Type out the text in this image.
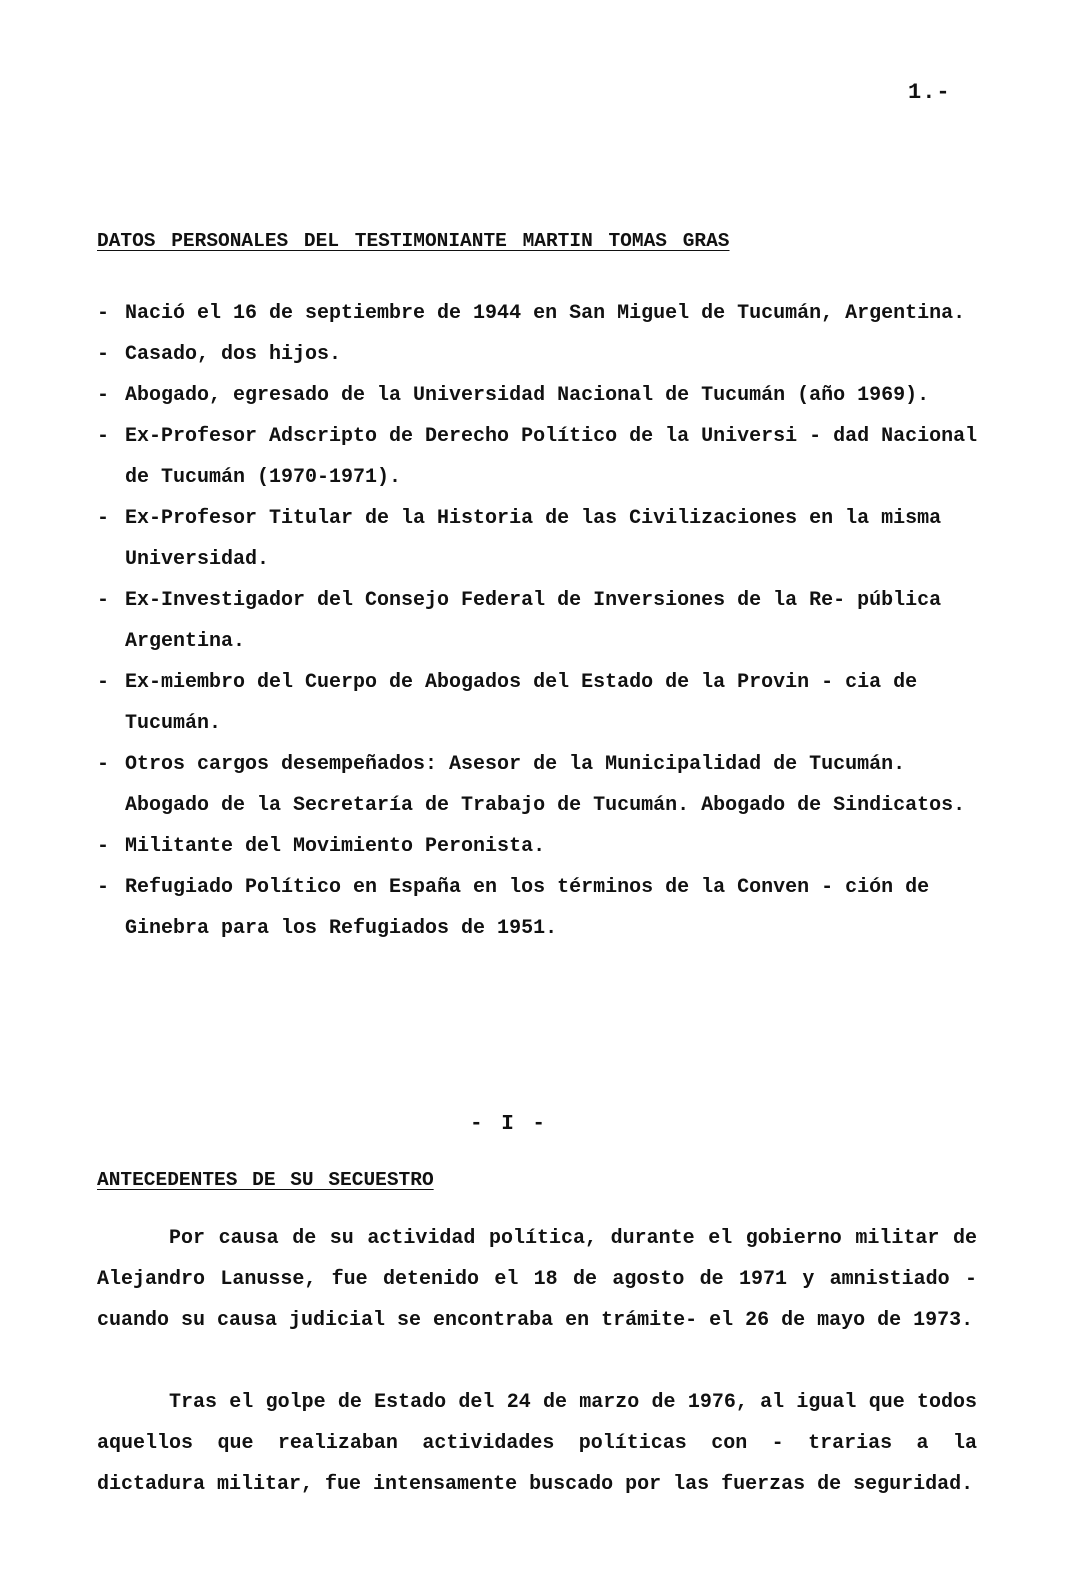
1.-
DATOS PERSONALES DEL TESTIMONIANTE MARTIN TOMAS GRAS
- Nació el 16 de septiembre de 1944 en San Miguel de Tucumán, Argentina.
- Casado, dos hijos.
- Abogado, egresado de la Universidad Nacional de Tucumán (año 1969).
- Ex-Profesor Adscripto de Derecho Político de la Universi - dad Nacional de Tucumán (1970-1971).
- Ex-Profesor Titular de la Historia de las Civilizaciones en la misma Universidad.
- Ex-Investigador del Consejo Federal de Inversiones de la Re- pública Argentina.
- Ex-miembro del Cuerpo de Abogados del Estado de la Provin - cia de Tucumán.
- Otros cargos desempeñados: Asesor de la Municipalidad de Tucumán. Abogado de la Secretaría de Trabajo de Tucumán. Abogado de Sindicatos.
- Militante del Movimiento Peronista.
- Refugiado Político en España en los términos de la Conven - ción de Ginebra para los Refugiados de 1951.
- I -
ANTECEDENTES DE SU SECUESTRO

Por causa de su actividad política, durante el gobierno militar de Alejandro Lanusse, fue detenido el 18 de agosto de 1971 y amnistiado -cuando su causa judicial se encontraba en trámite- el 26 de mayo de 1973.

Tras el golpe de Estado del 24 de marzo de 1976, al igual que todos aquellos que realizaban actividades políticas con - trarias a la dictadura militar, fue intensamente buscado por las fuerzas de seguridad.
